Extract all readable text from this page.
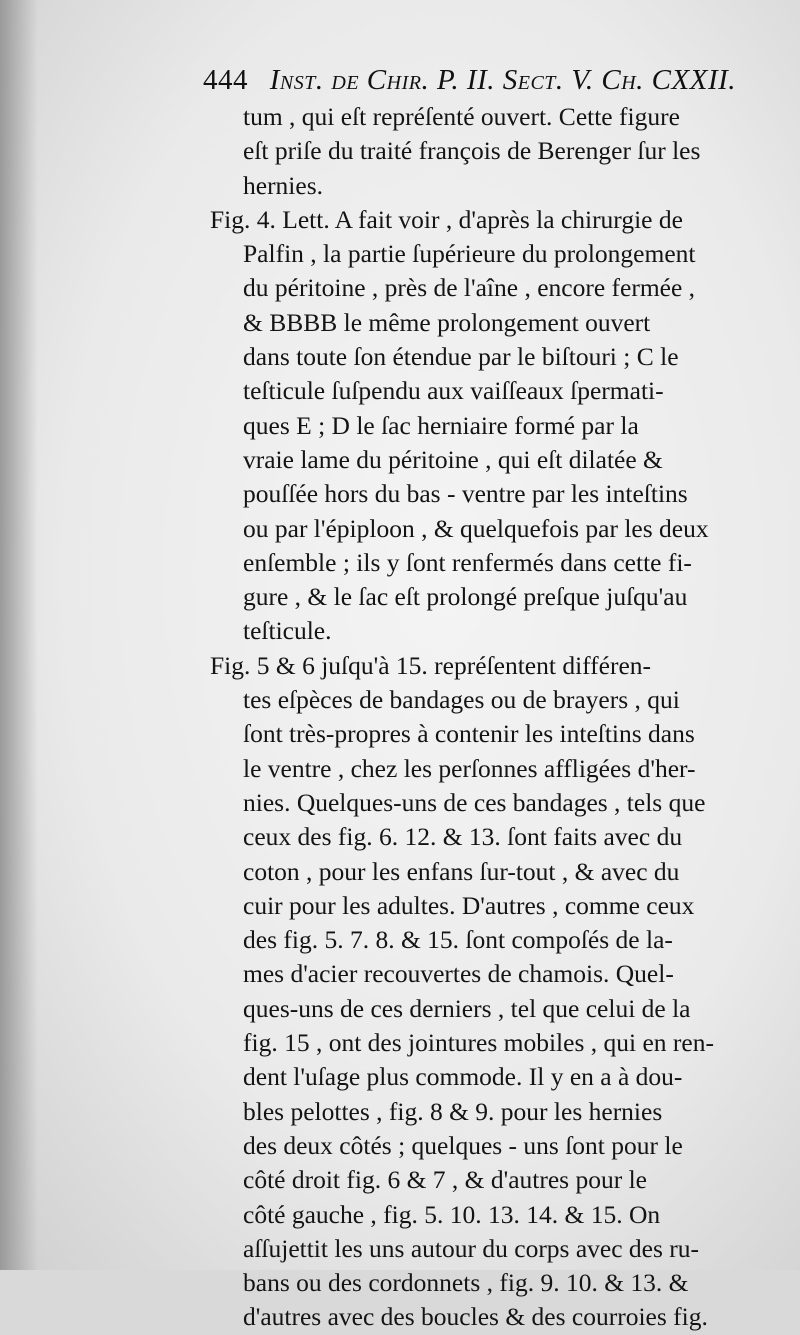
444 Inst. de Chir. P. II. Sect. V. Ch. CXXII.
tum , qui eſt repréſenté ouvert. Cette figure
eſt priſe du traité françois de Berenger ſur les
hernies.
Fig. 4. Lett. A fait voir , d'après la chirurgie de
Palfin , la partie ſupérieure du prolongement
du péritoine , près de l'aîne , encore fermée ,
& BBBB le même prolongement ouvert
dans toute ſon étendue par le biſtouri ; C le
teſticule ſuſpendu aux vaiſſeaux ſpermati-
ques E ; D le ſac herniaire formé par la
vraie lame du péritoine , qui eſt dilatée &
pouſſée hors du bas - ventre par les inteſtins
ou par l'épiploon , & quelquefois par les deux
enſemble ; ils y ſont renfermés dans cette fi-
gure , & le ſac eſt prolongé preſque juſqu'au
teſticule.
Fig. 5 & 6 juſqu'à 15. repréſentent différen-
tes eſpèces de bandages ou de brayers , qui
ſont très-propres à contenir les inteſtins dans
le ventre , chez les perſonnes affligées d'her-
nies. Quelques-uns de ces bandages , tels que
ceux des fig. 6. 12. & 13. ſont faits avec du
coton , pour les enfans ſur-tout , & avec du
cuir pour les adultes. D'autres , comme ceux
des fig. 5. 7. 8. & 15. ſont compoſés de la-
mes d'acier recouvertes de chamois. Quel-
ques-uns de ces derniers , tel que celui de la
fig. 15 , ont des jointures mobiles , qui en ren-
dent l'uſage plus commode. Il y en a à dou-
bles pelottes , fig. 8 & 9. pour les hernies
des deux côtés ; quelques - uns ſont pour le
côté droit fig. 6 & 7 , & d'autres pour le
côté gauche , fig. 5. 10. 13. 14. & 15. On
aſſujettit les uns autour du corps avec des ru-
bans ou des cordonnets , fig. 9. 10. & 13. &
d'autres avec des boucles & des courroies fig.
